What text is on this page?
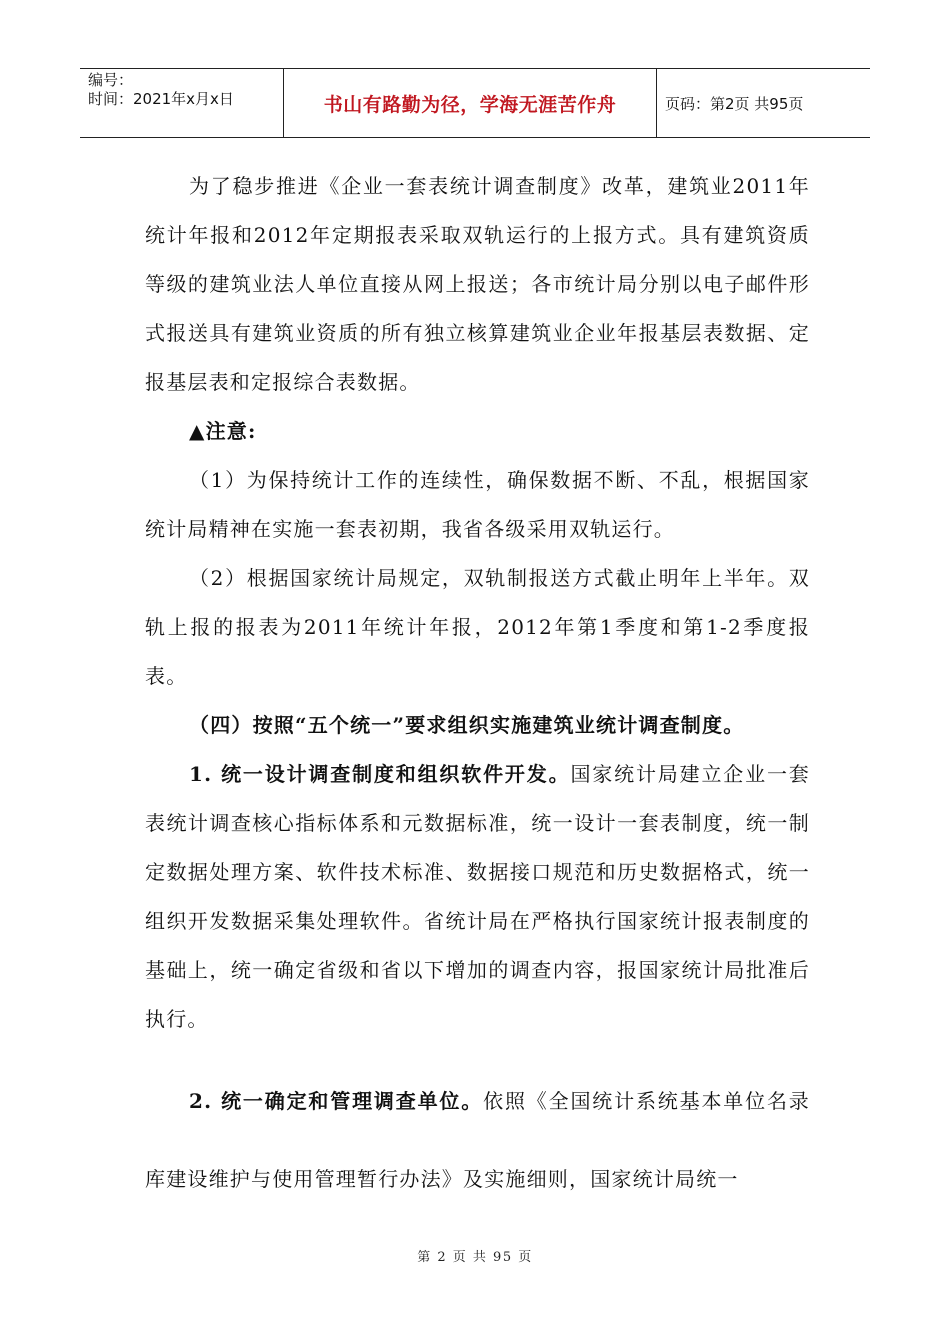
编号：
时间：2021年x月x日	书山有路勤为径，学海无涯苦作舟	页码：第2页 共95页

为了稳步推进《企业一套表统计调查制度》改革，建筑业2011年统计年报和2012年定期报表采取双轨运行的上报方式。具有建筑资质等级的建筑业法人单位直接从网上报送；各市统计局分别以电子邮件形式报送具有建筑业资质的所有独立核算建筑业企业年报基层表数据、定报基层表和定报综合表数据。

▲注意:

（1）为保持统计工作的连续性，确保数据不断、不乱，根据国家统计局精神在实施一套表初期，我省各级采用双轨运行。

（2）根据国家统计局规定，双轨制报送方式截止明年上半年。双轨上报的报表为2011年统计年报，2012年第1季度和第1-2季度报表。

（四）按照“五个统一”要求组织实施建筑业统计调查制度。

1. 统一设计调查制度和组织软件开发。国家统计局建立企业一套表统计调查核心指标体系和元数据标准，统一设计一套表制度，统一制定数据处理方案、软件技术标准、数据接口规范和历史数据格式，统一组织开发数据采集处理软件。省统计局在严格执行国家统计报表制度的基础上，统一确定省级和省以下增加的调查内容，报国家统计局批准后执行。

2. 统一确定和管理调查单位。依照《全国统计系统基本单位名录库建设维护与使用管理暂行办法》及实施细则，国家统计局统一

第 2 页 共 95 页
